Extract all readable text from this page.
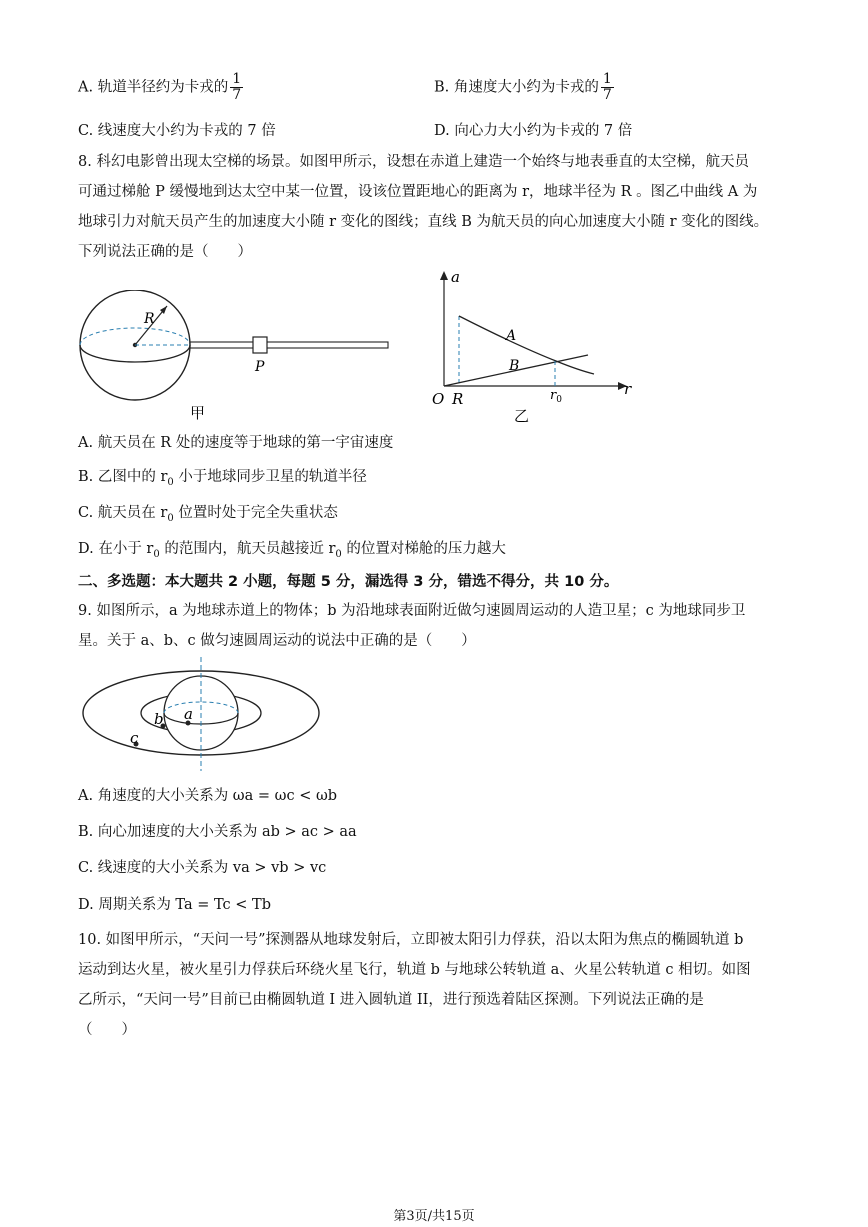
A. 轨道半径约为卡戎的 $\frac{1}{7}$	B. 角速度大小约为卡戎的 $\frac{1}{7}$
C. 线速度大小约为卡戎的 7 倍	D. 向心力大小约为卡戎的 7 倍
8. 科幻电影曾出现太空梯的场景。如图甲所示，设想在赤道上建造一个始终与地表垂直的太空梯，航天员
可通过梯舱 P 缓慢地到达太空中某一位置，设该位置距地心的距离为 r，地球半径为 R 。图乙中曲线 A 为
地球引力对航天员产生的加速度大小随 r 变化的图线；直线 B 为航天员的向心加速度大小随 r 变化的图线。
下列说法正确的是（　　）
R
P
甲
a
A
B
O R	$r_0$
r
乙
A. 航天员在 R 处的速度等于地球的第一宇宙速度
B. 乙图中的 $r_0$ 小于地球同步卫星的轨道半径
C. 航天员在 $r_0$ 位置时处于完全失重状态
D. 在小于 $r_0$ 的范围内，航天员越接近 $r_0$ 的位置对梯舱的压力越大
二、多选题：本大题共 2 小题，每题 5 分，漏选得 3 分，错选不得分，共 10 分。
9. 如图所示，a 为地球赤道上的物体；b 为沿地球表面附近做匀速圆周运动的人造卫星；c 为地球同步卫
星。关于 a、b、c 做匀速圆周运动的说法中正确的是（　　）
a
b
c
A. 角速度的大小关系为 ωa = ωc < ωb
B. 向心加速度的大小关系为 ab > ac > aa
C. 线速度的大小关系为 va > vb > vc
D. 周期关系为 Ta = Tc < Tb
10. 如图甲所示，“天问一号”探测器从地球发射后，立即被太阳引力俘获，沿以太阳为焦点的椭圆轨道 b
运动到达火星，被火星引力俘获后环绕火星飞行，轨道 b 与地球公转轨道 a、火星公转轨道 c 相切。如图
乙所示，“天问一号”目前已由椭圆轨道 I 进入圆轨道 II，进行预选着陆区探测。下列说法正确的是
（　　）
第3页/共15页
